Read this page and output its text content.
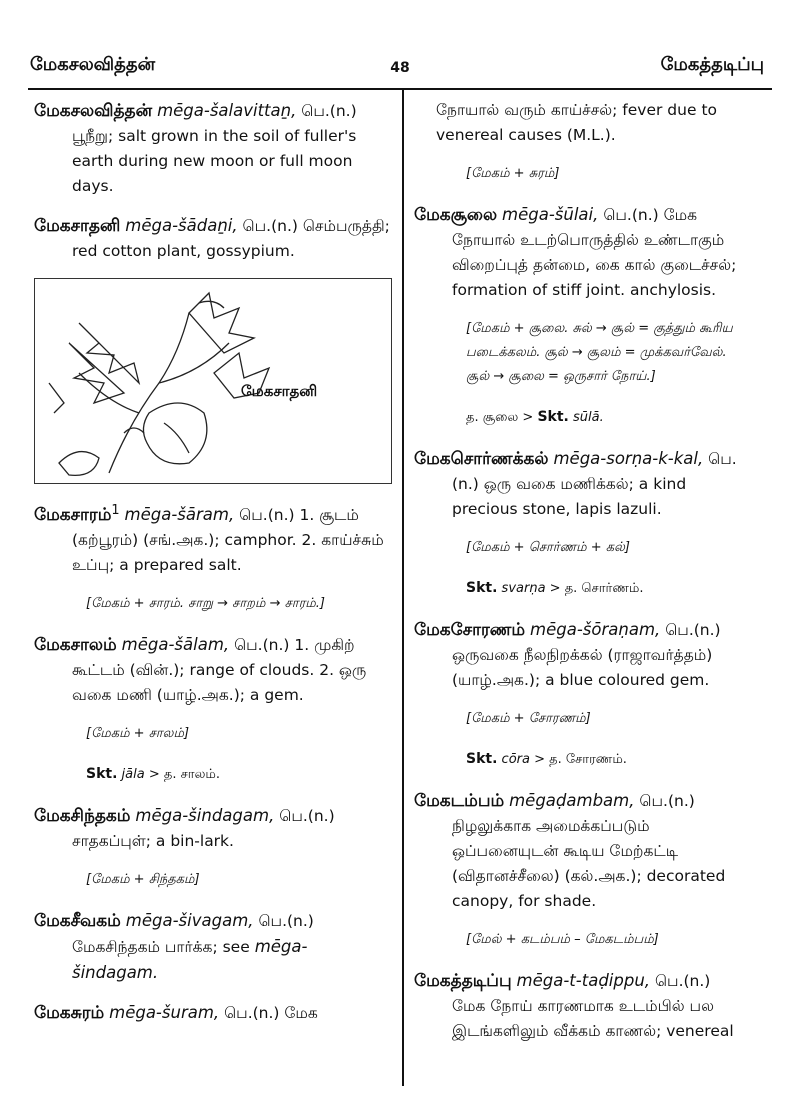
மேகசலவித்தன்	48	மேகத்தடிப்பு

மேகசலவித்தன் mēga-šalavittaṉ, பெ.(n.) பூநீறு; salt grown in the soil of fuller's earth during new moon or full moon days.

மேகசாதனி mēga-šādaṉi, பெ.(n.) செம்பருத்தி; red cotton plant, gossypium.

மேகசாதனி

மேகசாரம்$^1$ mēga-šāram, பெ.(n.) 1. சூடம் (கற்பூரம்) (சங்.அக.); camphor. 2. காய்ச்சும் உப்பு; a prepared salt.

[மேகம் + சாரம். சாறு → சாறம் → சாரம்.]

மேகசாலம் mēga-šālam, பெ.(n.) 1. முகிற் கூட்டம் (வின்.); range of clouds. 2. ஒரு வகை மணி (யாழ்.அக.); a gem.

[மேகம் + சாலம்]

Skt. jāla > த. சாலம்.

மேகசிந்தகம் mēga-šindagam, பெ.(n.) சாதகப்புள்; a bin-lark.

[மேகம் + சிந்தகம்]

மேகசீவகம் mēga-šivagam, பெ.(n.) மேகசிந்தகம் பார்க்க; see mēga-šindagam.

மேகசுரம் mēga-šuram, பெ.(n.) மேக

நோயால் வரும் காய்ச்சல்; fever due to venereal causes (M.L.).

[மேகம் + சுரம்]

மேகசூலை mēga-šūlai, பெ.(n.) மேக நோயால் உடற்பொருத்தில் உண்டாகும் விறைப்புத் தன்மை, கை கால் குடைச்சல்; formation of stiff joint. anchylosis.

[மேகம் + சூலை. சுல் → சூல் = குத்தும் கூரிய படைக்கலம். சூல் → சூலம் = முக்கவர்வேல். சூல் → சூலை = ஒருசார் நோய்.]

த. சூலை > Skt. sūlā.

மேகசொர்ணக்கல் mēga-sorṇa-k-kal, பெ.(n.) ஒரு வகை மணிக்கல்; a kind precious stone, lapis lazuli.

[மேகம் + சொர்ணம் + கல்]

Skt. svarṇa > த. சொர்ணம்.

மேகசோரணம் mēga-šōraṇam, பெ.(n.) ஒருவகை நீலநிறக்கல் (ராஜாவர்த்தம்) (யாழ்.அக.); a blue coloured gem.

[மேகம் + சோரணம்]

Skt. cōra > த. சோரணம்.

மேகடம்பம் mēgaḍambam, பெ.(n.) நிழலுக்காக அமைக்கப்படும் ஒப்பனையுடன் கூடிய மேற்கட்டி (விதானச்சீலை) (கல்.அக.); decorated canopy, for shade.

[மேல் + கடம்பம் – மேகடம்பம்]

மேகத்தடிப்பு mēga-t-taḍippu, பெ.(n.) மேக நோய் காரணமாக உடம்பில் பல இடங்களிலும் வீக்கம் காணல்; venereal
